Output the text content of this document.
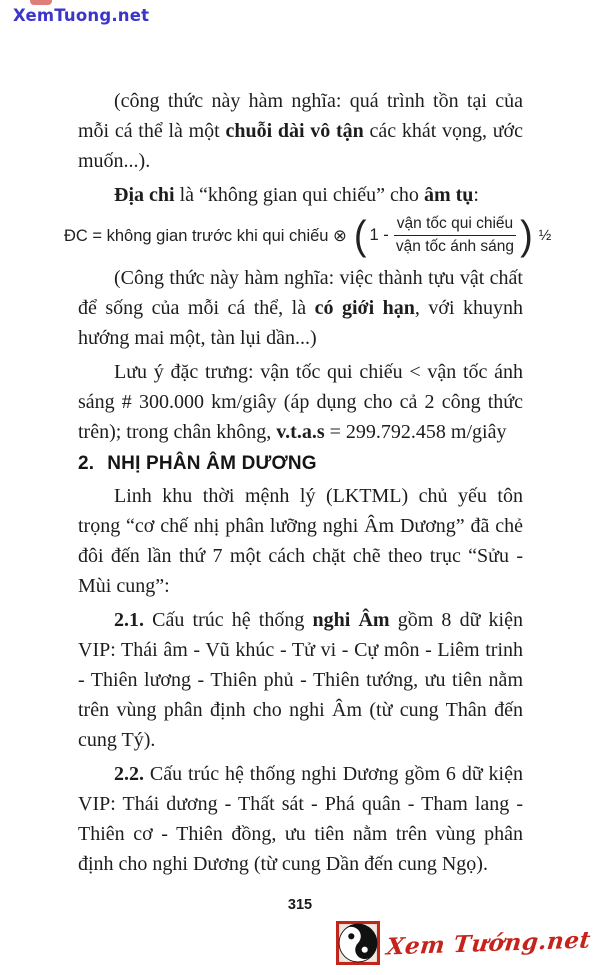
XemTuong.net

(công thức này hàm nghĩa: quá trình tồn tại của mỗi cá thể là một chuỗi dài vô tận các khát vọng, ước muốn...).

Địa chi là “không gian qui chiếu” cho âm tụ:

ĐC = không gian trước khi qui chiếu ⊗ ( $1 - \frac{\text{vận tốc qui chiếu}}{\text{vận tốc ánh sáng}}$ ) ½

(Công thức này hàm nghĩa: việc thành tựu vật chất để sống của mỗi cá thể, là có giới hạn, với khuynh hướng mai một, tàn lụi dần...)

Lưu ý đặc trưng: vận tốc qui chiếu < vận tốc ánh sáng # 300.000 km/giây (áp dụng cho cả 2 công thức trên); trong chân không, v.t.a.s = 299.792.458 m/giây

2. NHỊ PHÂN ÂM DƯƠNG

Linh khu thời mệnh lý (LKTML) chủ yếu tôn trọng “cơ chế nhị phân lưỡng nghi Âm Dương” đã chẻ đôi đến lần thứ 7 một cách chặt chẽ theo trục “Sửu - Mùi cung”:

2.1. Cấu trúc hệ thống nghi Âm gồm 8 dữ kiện VIP: Thái âm - Vũ khúc - Tử vi - Cự môn - Liêm trinh - Thiên lương - Thiên phủ - Thiên tướng, ưu tiên nằm trên vùng phân định cho nghi Âm (từ cung Thân đến cung Tý).

2.2. Cấu trúc hệ thống nghi Dương gồm 6 dữ kiện VIP: Thái dương - Thất sát - Phá quân - Tham lang - Thiên cơ - Thiên đồng, ưu tiên nằm trên vùng phân định cho nghi Dương (từ cung Dần đến cung Ngọ).

315
Xem Tướng.net
